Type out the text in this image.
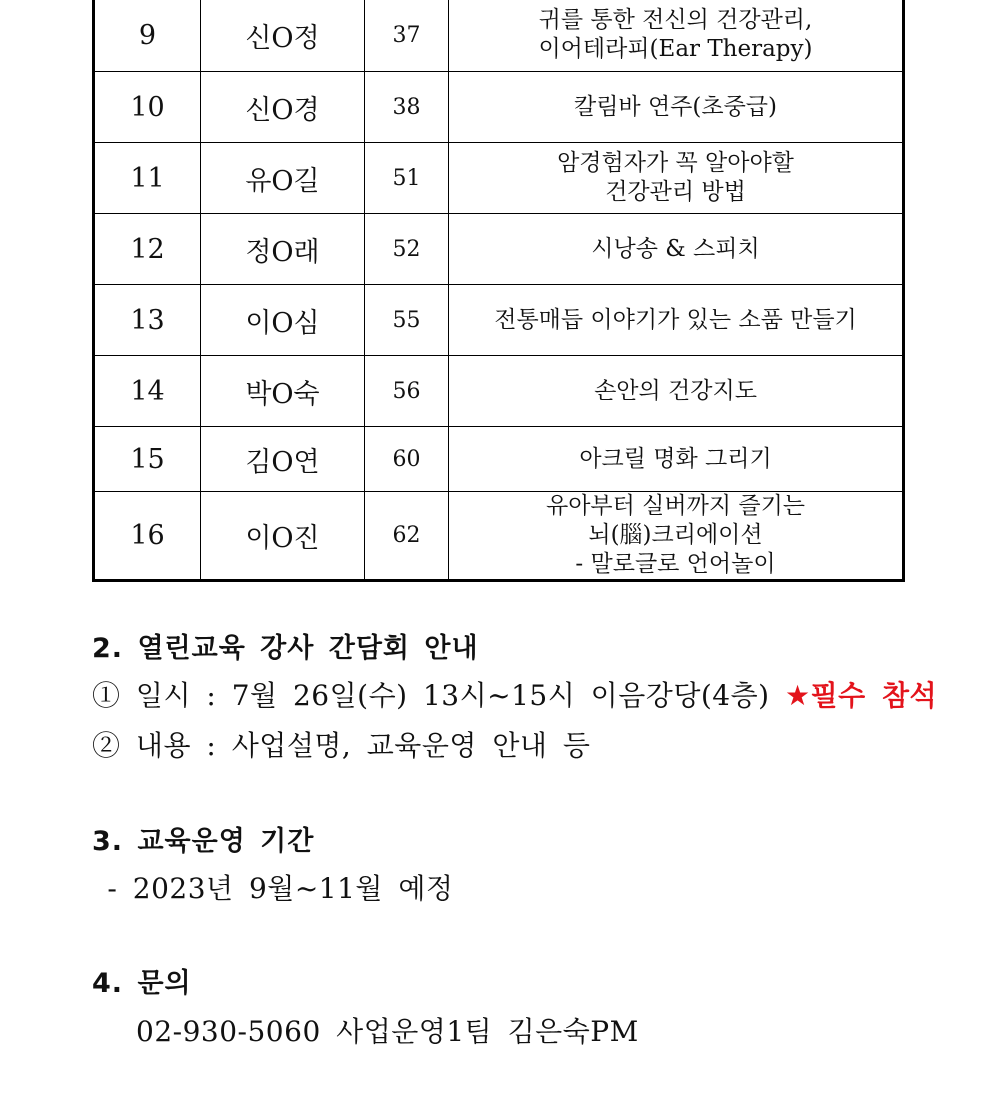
9	신O정	37	귀를 통한 전신의 건강관리,
이어테라피(Ear Therapy)

10	신O경	38	칼림바 연주(초중급)

11	유O길	51	암경험자가 꼭 알아야할
건강관리 방법

12	정O래	52	시낭송 & 스피치

13	이O심	55	전통매듭 이야기가 있는 소품 만들기

14	박O숙	56	손안의 건강지도

15	김O연	60	아크릴 명화 그리기

16	이O진	62	유아부터 실버까지 즐기는
뇌(腦)크리에이션
- 말로글로 언어놀이
2. 열린교육 강사 간담회 안내
① 일시 : 7월 26일(수) 13시~15시 이음강당(4층) ★필수 참석
② 내용 : 사업설명, 교육운영 안내 등
3. 교육운영 기간
- 2023년 9월~11월 예정
4. 문의
02-930-5060 사업운영1팀 김은숙PM
